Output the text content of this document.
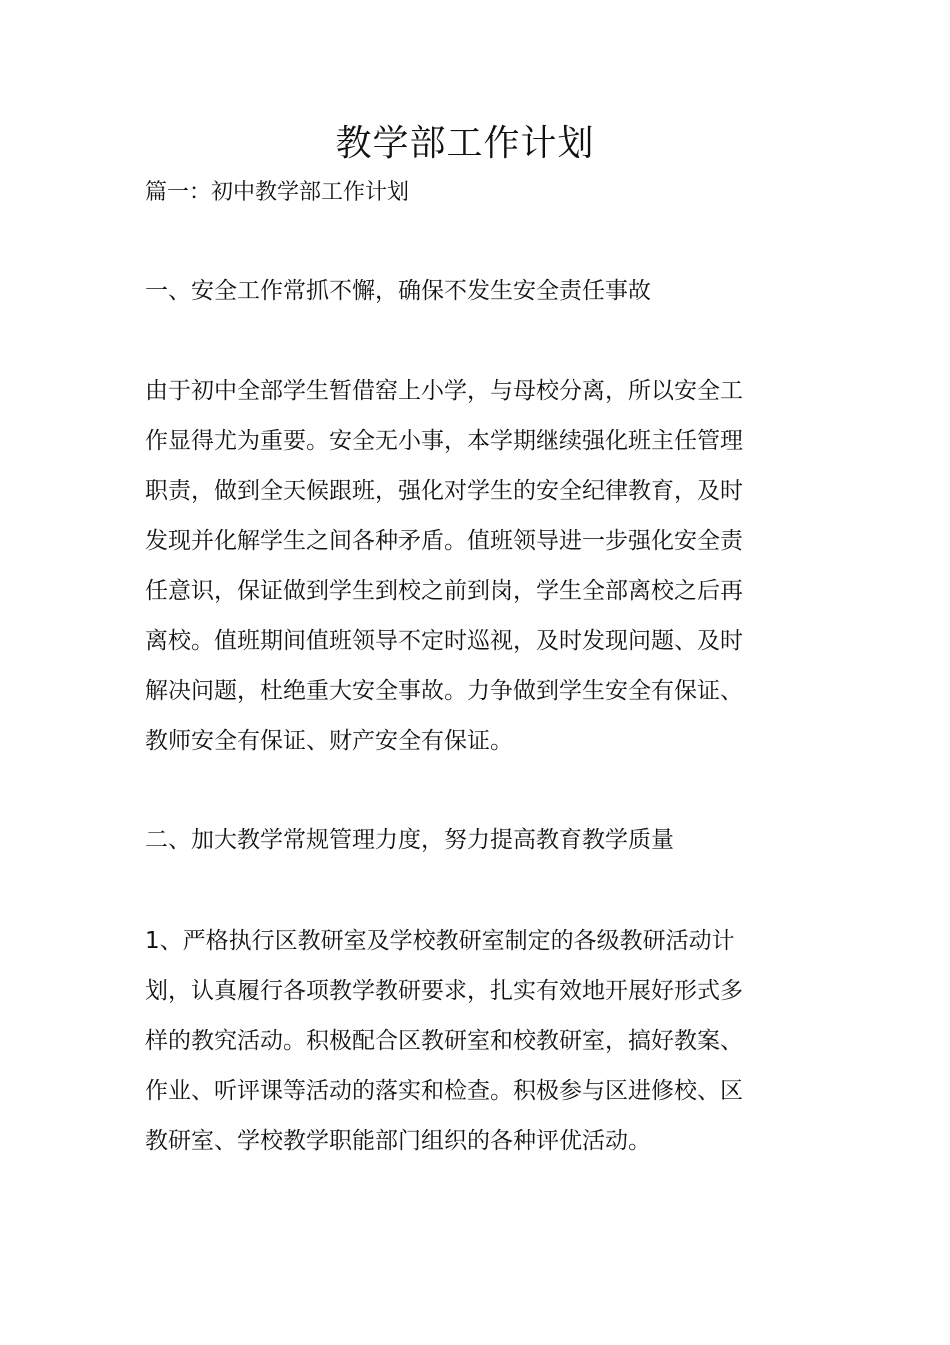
教学部工作计划
篇一：初中教学部工作计划
一、安全工作常抓不懈，确保不发生安全责任事故
由于初中全部学生暂借窑上小学，与母校分离，所以安全工
作显得尤为重要。安全无小事，本学期继续强化班主任管理
职责，做到全天候跟班，强化对学生的安全纪律教育，及时
发现并化解学生之间各种矛盾。值班领导进一步强化安全责
任意识，保证做到学生到校之前到岗，学生全部离校之后再
离校。值班期间值班领导不定时巡视，及时发现问题、及时
解决问题，杜绝重大安全事故。力争做到学生安全有保证、
教师安全有保证、财产安全有保证。
二、加大教学常规管理力度，努力提高教育教学质量
1、严格执行区教研室及学校教研室制定的各级教研活动计
划，认真履行各项教学教研要求，扎实有效地开展好形式多
样的教究活动。积极配合区教研室和校教研室，搞好教案、
作业、听评课等活动的落实和检查。积极参与区进修校、区
教研室、学校教学职能部门组织的各种评优活动。
